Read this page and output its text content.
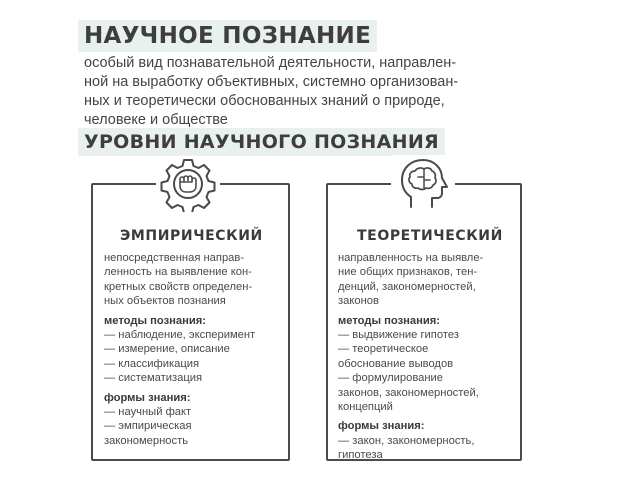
НАУЧНОЕ ПОЗНАНИЕ
особый вид познавательной деятельности, направлен-
ной на выработку объективных, системно организован-
ных и теоретически обоснованных знаний о природе,
человеке и обществе
УРОВНИ НАУЧНОГО ПОЗНАНИЯ
ЭМПИРИЧЕСКИЙ
непосредственная направ-
ленность на выявление кон-
кретных свойств определен-
ных объектов познания
методы познания:
— наблюдение, эксперимент
— измерение, описание
— классификация
— систематизация
формы знания:
— научный факт
— эмпирическая
закономерность
ТЕОРЕТИЧЕСКИЙ
направленность на выявле-
ние общих признаков, тен-
денций, закономерностей,
законов
методы познания:
— выдвижение гипотез
— теоретическое
обоснование выводов
— формулирование
законов, закономерностей,
концепций
формы знания:
— закон, закономерность,
гипотеза
